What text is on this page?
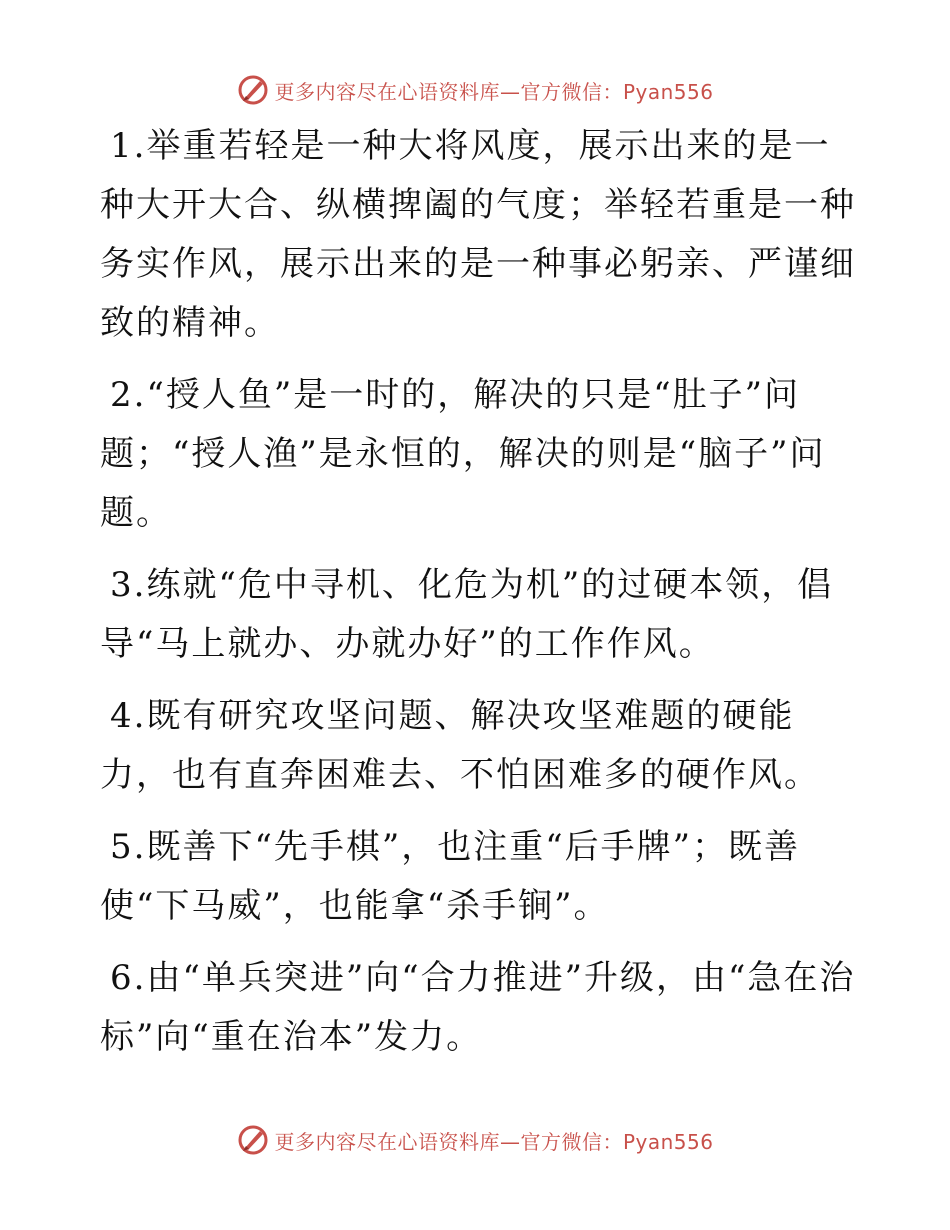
更多内容尽在心语资料库—官方微信：Pyan556

1.举重若轻是一种大将风度，展示出来的是一种大开大合、纵横捭阖的气度；举轻若重是一种务实作风，展示出来的是一种事必躬亲、严谨细致的精神。

2.“授人鱼”是一时的，解决的只是“肚子”问题；“授人渔”是永恒的，解决的则是“脑子”问题。

3.练就“危中寻机、化危为机”的过硬本领，倡导“马上就办、办就办好”的工作作风。

4.既有研究攻坚问题、解决攻坚难题的硬能力，也有直奔困难去、不怕困难多的硬作风。

5.既善下“先手棋”，也注重“后手牌”；既善使“下马威”，也能拿“杀手锏”。

6.由“单兵突进”向“合力推进”升级，由“急在治标”向“重在治本”发力。

更多内容尽在心语资料库—官方微信：Pyan556
